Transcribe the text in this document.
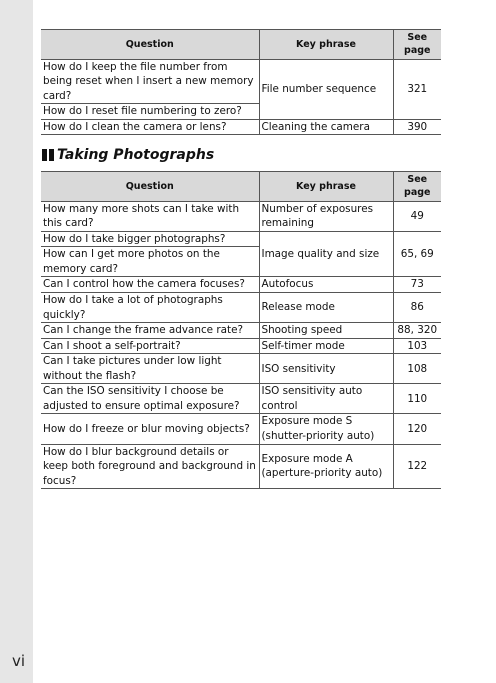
vi
Question	Key phrase	See page
How do I keep the file number from being reset when I insert a new memory card?	File number sequence	321
How do I reset file numbering to zero?		
How do I clean the camera or lens?	Cleaning the camera	390
Taking Photographs
Question	Key phrase	See page
How many more shots can I take with this card?	Number of exposures remaining	49
How do I take bigger photographs?	Image quality and size	65, 69
How can I get more photos on the memory card?		
Can I control how the camera focuses?	Autofocus	73
How do I take a lot of photographs quickly?	Release mode	86
Can I change the frame advance rate?	Shooting speed	88, 320
Can I shoot a self-portrait?	Self-timer mode	103
Can I take pictures under low light without the flash?	ISO sensitivity	108
Can the ISO sensitivity I choose be adjusted to ensure optimal exposure?	ISO sensitivity auto control	110
How do I freeze or blur moving objects?	Exposure mode S (shutter-priority auto)	120
How do I blur background details or keep both foreground and background in focus?	Exposure mode A (aperture-priority auto)	122
